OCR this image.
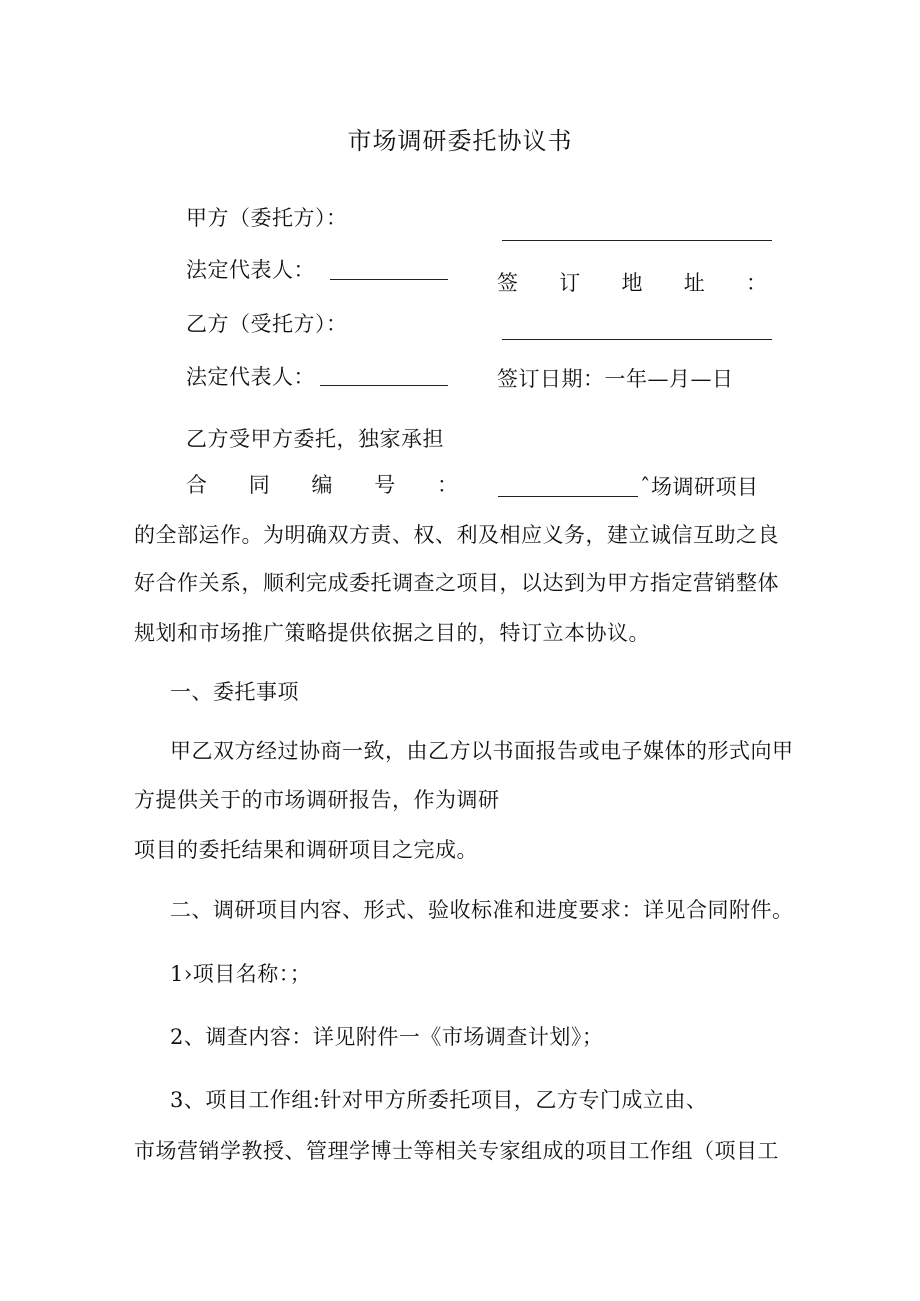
市场调研委托协议书
甲方（委托方）：
法定代表人：
签 订 地 址 ：
乙方（受托方）：
法定代表人：	签订日期：一年—月—日
乙方受甲方委托，独家承担
合 同 编 号 ：	ˆ场调研项目
的全部运作。为明确双方责、权、利及相应义务，建立诚信互助之良
好合作关系，顺利完成委托调查之项目，以达到为甲方指定营销整体
规划和市场推广策略提供依据之目的，特订立本协议。
一、委托事项
甲乙双方经过协商一致，由乙方以书面报告或电子媒体的形式向甲
方提供关于的市场调研报告，作为调研
项目的委托结果和调研项目之完成。
二、调研项目内容、形式、验收标准和进度要求：详见合同附件。
1›项目名称：；
2、调查内容：详见附件一《市场调查计划》；
3、项目工作组:针对甲方所委托项目，乙方专门成立由、
市场营销学教授、管理学博士等相关专家组成的项目工作组（项目工
